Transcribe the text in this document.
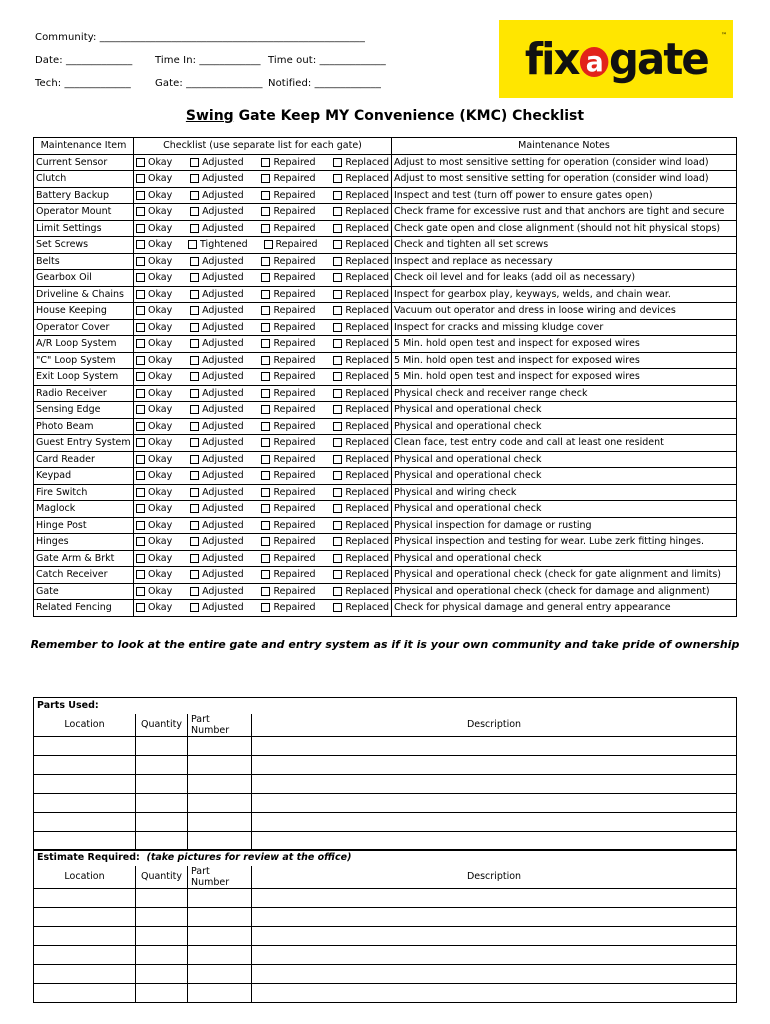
Community: ____________________________________________________
Date: _____________ Time In: ____________ Time out: _____________
Tech: _____________ Gate: _______________ Notified: _____________	fix a gate ™
Swing Gate Keep MY Convenience (KMC) Checklist
Maintenance Item	Checklist (use separate list for each gate)	Maintenance Notes
Current Sensor	Okay Adjusted Repaired Replaced	Adjust to most sensitive setting for operation (consider wind load)
Clutch	Okay Adjusted Repaired Replaced	Adjust to most sensitive setting for operation (consider wind load)
Battery Backup	Okay Adjusted Repaired Replaced	Inspect and test (turn off power to ensure gates open)
Operator Mount	Okay Adjusted Repaired Replaced	Check frame for excessive rust and that anchors are tight and secure
Limit Settings	Okay Adjusted Repaired Replaced	Check gate open and close alignment (should not hit physical stops)
Set Screws	Okay Tightened Repaired Replaced	Check and tighten all set screws
Belts	Okay Adjusted Repaired Replaced	Inspect and replace as necessary
Gearbox Oil	Okay Adjusted Repaired Replaced	Check oil level and for leaks (add oil as necessary)
Driveline & Chains	Okay Adjusted Repaired Replaced	Inspect for gearbox play, keyways, welds, and chain wear.
House Keeping	Okay Adjusted Repaired Replaced	Vacuum out operator and dress in loose wiring and devices
Operator Cover	Okay Adjusted Repaired Replaced	Inspect for cracks and missing kludge cover
A/R Loop System	Okay Adjusted Repaired Replaced	5 Min. hold open test and inspect for exposed wires
"C" Loop System	Okay Adjusted Repaired Replaced	5 Min. hold open test and inspect for exposed wires
Exit Loop System	Okay Adjusted Repaired Replaced	5 Min. hold open test and inspect for exposed wires
Radio Receiver	Okay Adjusted Repaired Replaced	Physical check and receiver range check
Sensing Edge	Okay Adjusted Repaired Replaced	Physical and operational check
Photo Beam	Okay Adjusted Repaired Replaced	Physical and operational check
Guest Entry System	Okay Adjusted Repaired Replaced	Clean face, test entry code and call at least one resident
Card Reader	Okay Adjusted Repaired Replaced	Physical and operational check
Keypad	Okay Adjusted Repaired Replaced	Physical and operational check
Fire Switch	Okay Adjusted Repaired Replaced	Physical and wiring check
Maglock	Okay Adjusted Repaired Replaced	Physical and operational check
Hinge Post	Okay Adjusted Repaired Replaced	Physical inspection for damage or rusting
Hinges	Okay Adjusted Repaired Replaced	Physical inspection and testing for wear. Lube zerk fitting hinges.
Gate Arm & Brkt	Okay Adjusted Repaired Replaced	Physical and operational check
Catch Receiver	Okay Adjusted Repaired Replaced	Physical and operational check (check for gate alignment and limits)
Gate	Okay Adjusted Repaired Replaced	Physical and operational check (check for damage and alignment)
Related Fencing	Okay Adjusted Repaired Replaced	Check for physical damage and general entry appearance
Remember to look at the entire gate and entry system as if it is your own community and take pride of ownership
Parts Used:			
Location	Quantity	Part Number	Description

Estimate Required: (take pictures for review at the office)			
Location	Quantity	Part Number	Description
